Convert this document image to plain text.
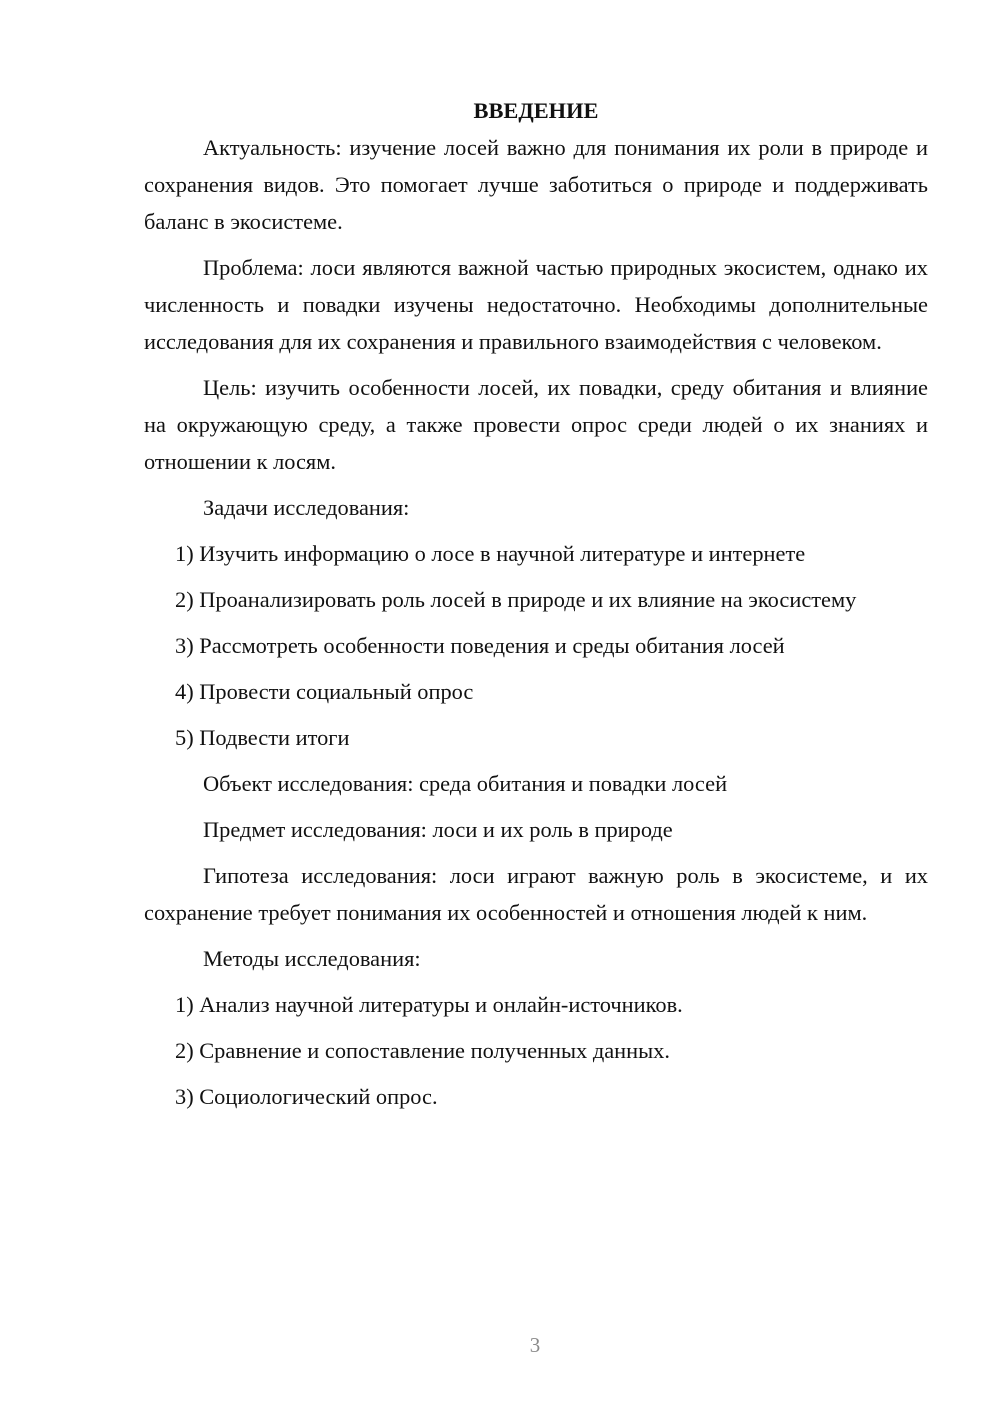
ВВЕДЕНИЕ

Актуальность: изучение лосей важно для понимания их роли в природе и сохранения видов. Это помогает лучше заботиться о природе и поддерживать баланс в экосистеме.

Проблема: лоси являются важной частью природных экосистем, однако их численность и повадки изучены недостаточно. Необходимы дополнительные исследования для их сохранения и правильного взаимодействия с человеком.

Цель: изучить особенности лосей, их повадки, среду обитания и влияние на окружающую среду, а также провести опрос среди людей о их знаниях и отношении к лосям.

Задачи исследования:

1) Изучить информацию о лосе в научной литературе и интернете

2) Проанализировать роль лосей в природе и их влияние на экосистему

3) Рассмотреть особенности поведения и среды обитания лосей

4) Провести социальный опрос

5) Подвести итоги

Объект исследования: среда обитания и повадки лосей

Предмет исследования: лоси и их роль в природе

Гипотеза исследования: лоси играют важную роль в экосистеме, и их сохранение требует понимания их особенностей и отношения людей к ним.

Методы исследования:

1) Анализ научной литературы и онлайн-источников.

2) Сравнение и сопоставление полученных данных.

3) Социологический опрос.

3
